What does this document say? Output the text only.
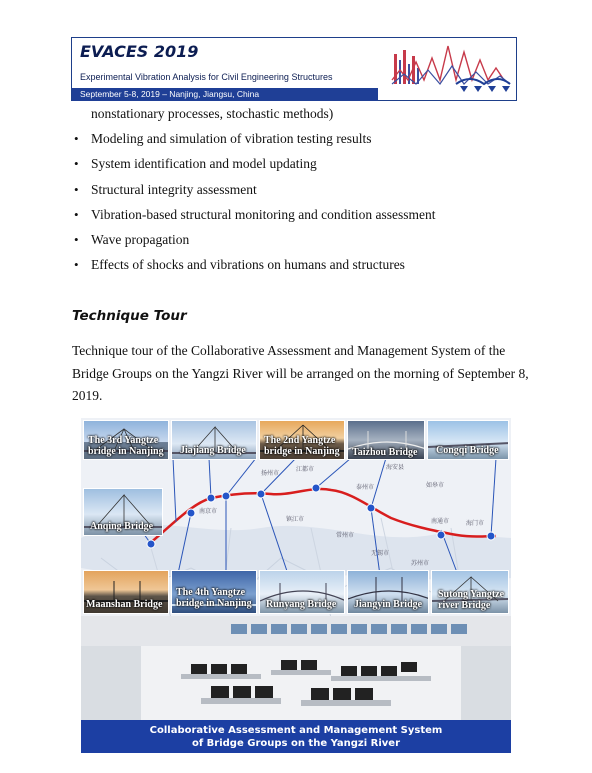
EVACES 2019
Experimental Vibration Analysis for Civil Engineering Structures
September 5-8, 2019 – Nanjing, Jiangsu, China
nonstationary processes, stochastic methods)
• Modeling and simulation of vibration testing results
• System identification and model updating
• Structural integrity assessment
• Vibration-based structural monitoring and condition assessment
• Wave propagation
• Effects of shocks and vibrations on humans and structures
Technique Tour
Technique tour of the Collaborative Assessment and Management System of the Bridge Groups on the Yangzi River will be arranged on the morning of September 8, 2019.
南京市
镇江市
扬州市
江都市
泰州市
常州市
无锡市
苏州市
南通市	海门市
如皋市
海安县
The 3rd Yangtze
bridge in Nanjing Jiajiang Bridge
The 2nd Yangtze
bridge in Nanjing Taizhou Bridge Congqi Bridge
Anqing Bridge
Maanshan Bridge
The 4th Yangtze
bridge in Nanjing Runyang Bridge Jiangyin Bridge
Sutong Yangtze
river Bridge
Collaborative Assessment and Management System
of Bridge Groups on the Yangzi River
